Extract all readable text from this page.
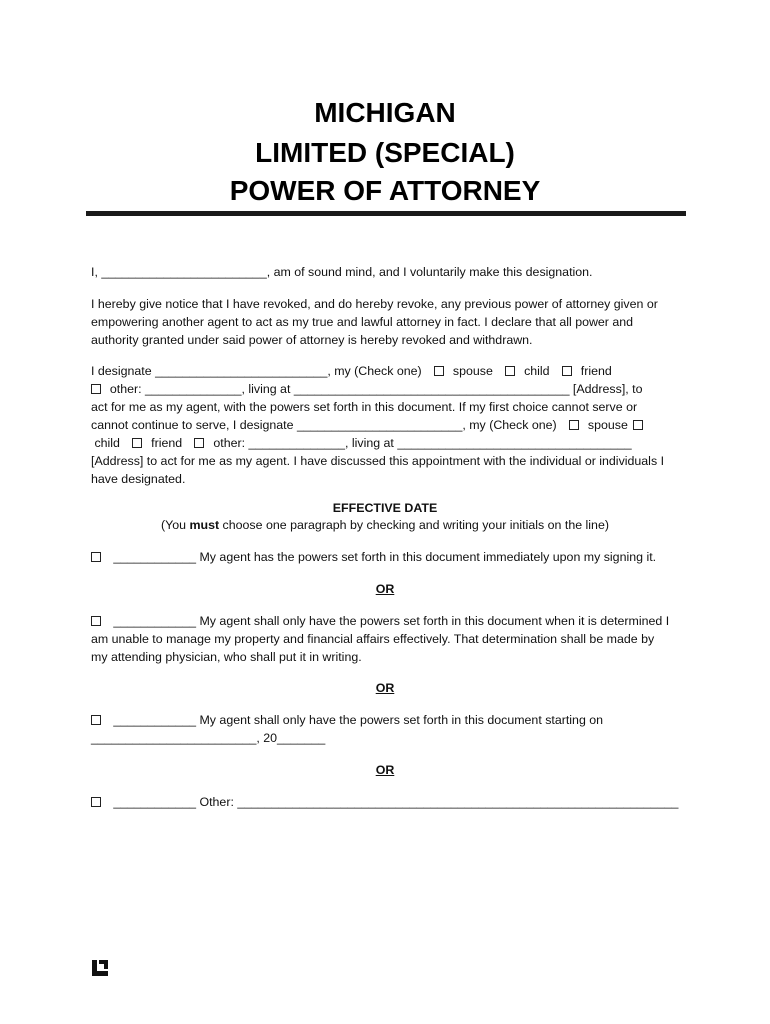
MICHIGAN
LIMITED (SPECIAL)
POWER OF ATTORNEY
I, ________________________, am of sound mind, and I voluntarily make this designation.
I hereby give notice that I have revoked, and do hereby revoke, any previous power of attorney given or
empowering another agent to act as my true and lawful attorney in fact. I declare that all power and
authority granted under said power of attorney is hereby revoked and withdrawn.
I designate _________________________, my (Check one)	spouse	child	friend
other: ______________, living at ________________________________________ [Address], to
act for me as my agent, with the powers set forth in this document. If my first choice cannot serve or
cannot continue to serve, I designate ________________________, my (Check one)	spouse
child	friend	other: ______________, living at __________________________________
[Address] to act for me as my agent. I have discussed this appointment with the individual or individuals I
have designated.
EFFECTIVE DATE
(You must choose one paragraph by checking and writing your initials on the line)
____________ My agent has the powers set forth in this document immediately upon my signing it.
OR
____________ My agent shall only have the powers set forth in this document when it is determined I
am unable to manage my property and financial affairs effectively. That determination shall be made by
my attending physician, who shall put it in writing.
OR
____________ My agent shall only have the powers set forth in this document starting on
________________________, 20_______
OR
____________ Other: ________________________________________________________________
